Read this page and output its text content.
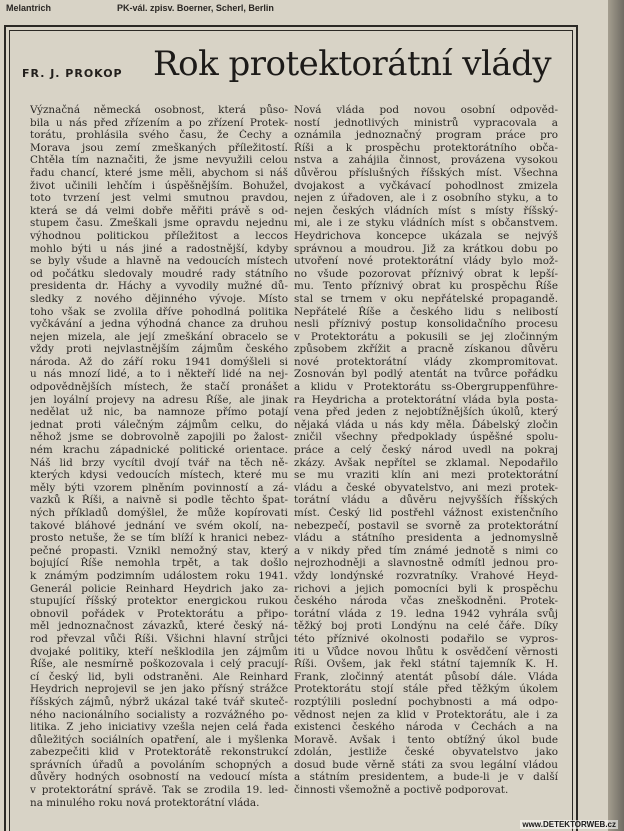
Melantrich	PK-vál. zpisv. Boerner, Scherl, Berlin
FR. J. PROKOP Rok protektorátní vlády
Význačná německá osobnost, která půso-
bila u nás před zřízením a po zřízení Protek-
torátu, prohlásila svého času, že Čechy a
Morava jsou zemí zmeškaných příležitostí.
Chtěla tím naznačiti, že jsme nevyužili celou
řadu chancí, které jsme měli, abychom si náš
život učinili lehčím i úspěšnějším. Bohužel,
toto tvrzení jest velmi smutnou pravdou,
která se dá velmi dobře měřiti právě s od-
stupem času. Zmeškali jsme opravdu nejednu
výhodnou politickou příležitost a leccos
mohlo býti u nás jiné a radostnější, kdyby
se byly všude a hlavně na vedoucích místech
od počátku sledovaly moudré rady státního
presidenta dr. Háchy a vyvodily mužné dů-
sledky z nového dějinného vývoje. Místo
toho však se zvolila dříve pohodlná politika
vyčkávání a jedna výhodná chance za druhou
nejen mizela, ale její zmeškání obracelo se
vždy proti nejvlastnějším zájmům českého
národa. Až do září roku 1941 domýšleli si
u nás mnozí lidé, a to i někteří lidé na nej-
odpovědnějších místech, že stačí pronášet
jen loyální projevy na adresu Říše, ale jinak
nedělat už nic, ba namnoze přímo potají
jednat proti válečným zájmům celku, do
něhož jsme se dobrovolně zapojili po žalost-
ném krachu západnické politické orientace.
Náš lid brzy vycítil dvojí tvář na těch ně-
kterých kdysi vedoucích místech, které mu
měly býti vzorem plněním povinností a zá-
vazků k Říši, a naivně si podle těchto špat-
ných příkladů domýšlel, že může kopírovati
takové bláhové jednání ve svém okolí, na-
prosto netuše, že se tím blíží k hranici nebez-
pečné propasti. Vznikl nemožný stav, který
bojující Říše nemohla trpět, a tak došlo
k známým podzimním událostem roku 1941.
Generál policie Reinhard Heydrich jako za-
stupující říšský protektor energickou rukou
obnovil pořádek v Protektorátu a připo-
měl jednoznačnost závazků, které český ná-
rod převzal vůči Říši. Všichni hlavní strůjci
dvojaké politiky, kteří nešklodila jen zájmům
Říše, ale nesmírně poškozovala i celý pracují-
cí český lid, byli odstraněni. Ale Reinhard
Heydrich neprojevil se jen jako přísný strážce
říšských zájmů, nýbrž ukázal také tvář skuteč-
ného nacionálního socialisty a rozvážného po-
litika. Z jeho iniciativy vzešla nejen celá řada
důležitých sociálních opatření, ale i myšlenka
zabezpečiti klid v Protektorátě rekonstrukcí
správních úřadů a povoláním schopných a
důvěry hodných osobností na vedoucí místa
v protektorátní správě. Tak se zrodila 19. led-
na minulého roku nová protektorátní vláda.
Nová vláda pod novou osobní odpověd-
ností jednotlivých ministrů vypracovala a
oznámila jednoznačný program práce pro
Říši a k prospěchu protektorátního obča-
nstva a zahájila činnost, provázena vysokou
důvěrou příslušných říšských míst. Všechna
dvojakost a vyčkávací pohodlnost zmizela
nejen z úřadoven, ale i z osobního styku, a to
nejen českých vládních míst s místy říšský-
mi, ale i ze styku vládních míst s občanstvem.
Heydrichova koncepce ukázala se nejvýš
správnou a moudrou. Již za krátkou dobu po
utvoření nové protektorátní vlády bylo mož-
no všude pozorovat příznivý obrat k lepší-
mu. Tento příznivý obrat ku prospěchu Říše
stal se trnem v oku nepřátelské propagandě.
Nepřátelé Říše a českého lidu s nelibostí
nesli příznivý postup konsolidačního procesu
v Protektorátu a pokusili se jej zločinným
způsobem zkřížit a pracně získanou důvěru
nové protektorátní vlády zkompromitovat.
Zosnován byl podlý atentát na tvůrce pořádku
a klidu v Protektorátu ss-Obergruppenführe-
ra Heydricha a protektorátní vláda byla posta-
vena před jeden z nejobtížnějších úkolů, který
nějaká vláda u nás kdy měla. Ďábelský zločin
zničil všechny předpoklady úspěšné spolu-
práce a celý český národ uvedl na pokraj
zkázy. Avšak nepřítel se zklamal. Nepodařilo
se mu vraziti klín ani mezi protektorátní
vládu a české obyvatelstvo, ani mezi protek-
torátní vládu a důvěru nejvyšších říšských
míst. Český lid postřehl vážnost existenčního
nebezpečí, postavil se svorně za protektorátní
vládu a státního presidenta a jednomyslně
a v nikdy před tím známé jednotě s nimi co
nejrozhodněji a slavnostně odmítl jednou pro-
vždy londýnské rozvratníky. Vrahové Heyd-
richovi a jejich pomocníci byli k prospěchu
českého národa včas zneškodněni. Protek-
torátní vláda z 19. ledna 1942 vyhrála svůj
těžký boj proti Londýnu na celé čáře. Díky
této příznivé okolnosti podařilo se vypros-
iti u Vůdce novou lhůtu k osvědčení věrnosti
Říši. Ovšem, jak řekl státní tajemník K. H.
Frank, zločinný atentát působí dále. Vláda
Protektorátu stojí stále před těžkým úkolem
rozptýlili poslední pochybnosti a má odpo-
vědnost nejen za klid v Protektorátu, ale i za
existenci českého národa v Čechách a na
Moravě. Avšak i tento obtížný úkol bude
zdolán, jestliže české obyvatelstvo jako
dosud bude věrně státi za svou legální vládou
a státním presidentem, a bude-li je v další
činnosti všemožně a poctivě podporovat.
www.DETEKTORWEB.cz
